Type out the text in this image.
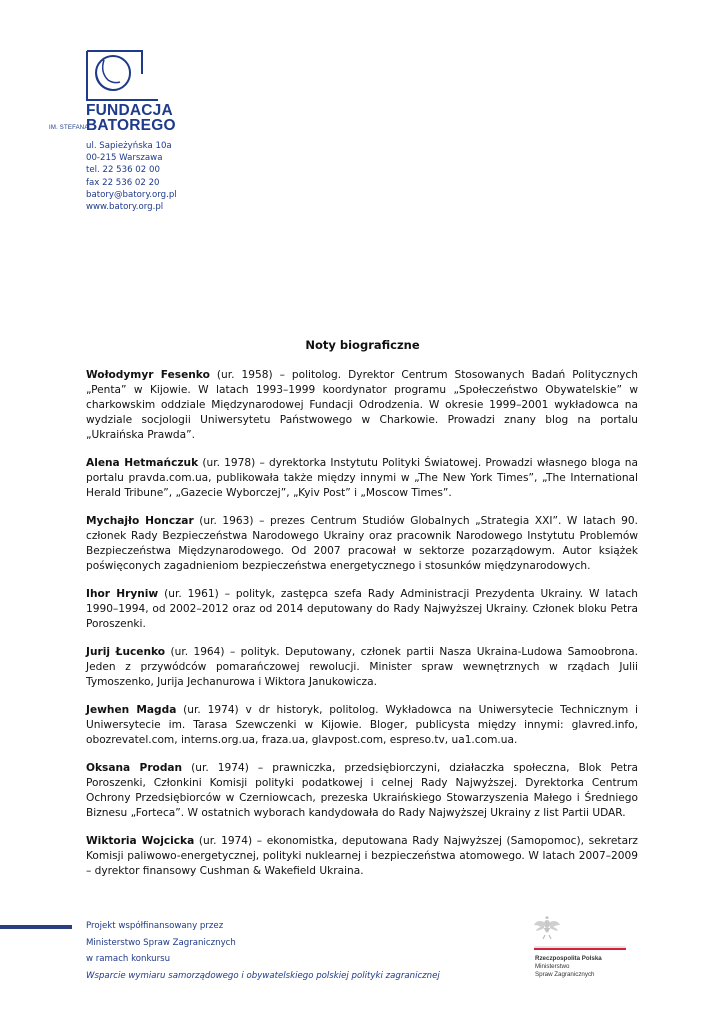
FUNDACJA
BATOREGO
IM. STEFANA
ul. Sapieżyńska 10a
00-215 Warszawa
tel. 22 536 02 00
fax 22 536 02 20
batory@batory.org.pl
www.batory.org.pl
Noty biograficzne

Wołodymyr Fesenko (ur. 1958) – politolog. Dyrektor Centrum Stosowanych Badań Politycznych „Penta” w Kijowie. W latach 1993–1999 koordynator programu „Społeczeństwo Obywatelskie” w charkowskim oddziale Międzynarodowej Fundacji Odrodzenia. W okresie 1999–2001 wykładowca na wydziale socjologii Uniwersytetu Państwowego w Charkowie. Prowadzi znany blog na portalu „Ukraińska Prawda”.

Alena Hetmańczuk (ur. 1978) – dyrektorka Instytutu Polityki Światowej. Prowadzi własnego bloga na portalu pravda.com.ua, publikowała także między innymi w „The New York Times”, „The International Herald Tribune”, „Gazecie Wyborczej”, „Kyiv Post” i „Moscow Times”.

Mychajło Honczar (ur. 1963) – prezes Centrum Studiów Globalnych „Strategia XXI”. W latach 90. członek Rady Bezpieczeństwa Narodowego Ukrainy oraz pracownik Narodowego Instytutu Problemów Bezpieczeństwa Międzynarodowego. Od 2007 pracował w sektorze pozarządowym. Autor książek poświęconych zagadnieniom bezpieczeństwa energetycznego i stosunków międzynarodowych.

Ihor Hryniw (ur. 1961) – polityk, zastępca szefa Rady Administracji Prezydenta Ukrainy. W latach 1990–1994, od 2002–2012 oraz od 2014 deputowany do Rady Najwyższej Ukrainy. Członek bloku Petra Poroszenki.

Jurij Łucenko (ur. 1964) – polityk. Deputowany, członek partii Nasza Ukraina-Ludowa Samoobrona. Jeden z przywódców pomarańczowej rewolucji. Minister spraw wewnętrznych w rządach Julii Tymoszenko, Jurija Jechanurowa i Wiktora Janukowicza.

Jewhen Magda (ur. 1974) v dr historyk, politolog. Wykładowca na Uniwersytecie Technicznym i Uniwersytecie im. Tarasa Szewczenki w Kijowie. Bloger, publicysta między innymi: glavred.info, obozrevatel.com, interns.org.ua, fraza.ua, glavpost.com, espreso.tv, ua1.com.ua.

Oksana Prodan (ur. 1974) – prawniczka, przedsiębiorczyni, działaczka społeczna, Blok Petra Poroszenki, Członkini Komisji polityki podatkowej i celnej Rady Najwyższej. Dyrektorka Centrum Ochrony Przedsiębiorców w Czerniowcach, prezeska Ukraińskiego Stowarzyszenia Małego i Średniego Biznesu „Forteca”. W ostatnich wyborach kandydowała do Rady Najwyższej Ukrainy z list Partii UDAR.

Wiktoria Wojcicka (ur. 1974) – ekonomistka, deputowana Rady Najwyższej (Samopomoc), sekretarz Komisji paliwowo-energetycznej, polityki nuklearnej i bezpieczeństwa atomowego. W latach 2007–2009 – dyrektor finansowy Cushman & Wakefield Ukraina.

Projekt współfinansowany przez
Ministerstwo Spraw Zagranicznych
w ramach konkursu
Wsparcie wymiaru samorządowego i obywatelskiego polskiej polityki zagranicznej
Rzeczpospolita Polska
Ministerstwo
Spraw Zagranicznych
